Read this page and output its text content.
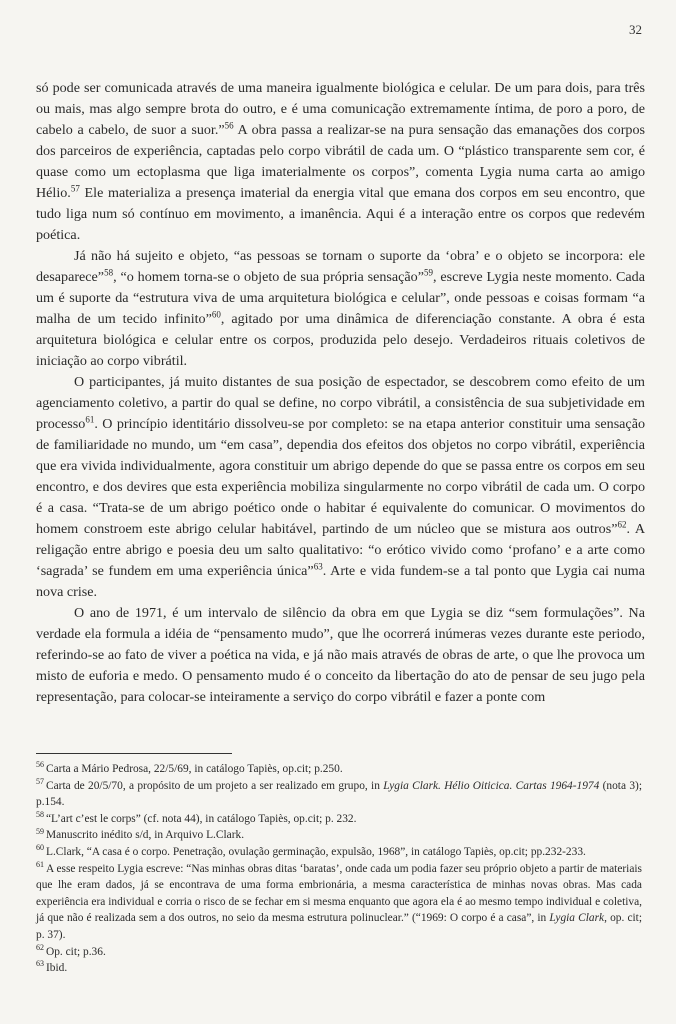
32

só pode ser comunicada através de uma maneira igualmente biológica e celular. De um para dois, para três ou mais, mas algo sempre brota do outro, e é uma comunicação extremamente íntima, de poro a poro, de cabelo a cabelo, de suor a suor.”$^{56}$ A obra passa a realizar-se na pura sensação das emanações dos corpos dos parceiros de experiência, captadas pelo corpo vibrátil de cada um. O “plástico transparente sem cor, é quase como um ectoplasma que liga imaterialmente os corpos”, comenta Lygia numa carta ao amigo Hélio.$^{57}$ Ele materializa a presença imaterial da energia vital que emana dos corpos em seu encontro, que tudo liga num só contínuo em movimento, a imanência. Aqui é a interação entre os corpos que redevém poética.

Já não há sujeito e objeto, “as pessoas se tornam o suporte da ‘obra’ e o objeto se incorpora: ele desaparece”$^{58}$, “o homem torna-se o objeto de sua própria sensação”$^{59}$, escreve Lygia neste momento. Cada um é suporte da “estrutura viva de uma arquitetura biológica e celular”, onde pessoas e coisas formam “a malha de um tecido infinito”$^{60}$, agitado por uma dinâmica de diferenciação constante. A obra é esta arquitetura biológica e celular entre os corpos, produzida pelo desejo. Verdadeiros rituais coletivos de iniciação ao corpo vibrátil.

O participantes, já muito distantes de sua posição de espectador, se descobrem como efeito de um agenciamento coletivo, a partir do qual se define, no corpo vibrátil, a consistência de sua subjetividade em processo$^{61}$. O princípio identitário dissolveu-se por completo: se na etapa anterior constituir uma sensação de familiaridade no mundo, um “em casa”, dependia dos efeitos dos objetos no corpo vibrátil, experiência que era vivida individualmente, agora constituir um abrigo depende do que se passa entre os corpos em seu encontro, e dos devires que esta experiência mobiliza singularmente no corpo vibrátil de cada um. O corpo é a casa. “Trata-se de um abrigo poético onde o habitar é equivalente do comunicar. O movimentos do homem constroem este abrigo celular habitável, partindo de um núcleo que se mistura aos outros”$^{62}$. A religação entre abrigo e poesia deu um salto qualitativo: “o erótico vivido como ‘profano’ e a arte como ‘sagrada’ se fundem em uma experiência única”$^{63}$. Arte e vida fundem-se a tal ponto que Lygia cai numa nova crise.

O ano de 1971, é um intervalo de silêncio da obra em que Lygia se diz “sem formulações”. Na verdade ela formula a idéia de “pensamento mudo”, que lhe ocorrerá inúmeras vezes durante este periodo, referindo-se ao fato de viver a poética na vida, e já não mais através de obras de arte, o que lhe provoca um misto de euforia e medo. O pensamento mudo é o conceito da libertação do ato de pensar de seu jugo pela representação, para colocar-se inteiramente a serviço do corpo vibrátil e fazer a ponte com

$^{56}$ Carta a Mário Pedrosa, 22/5/69, in catálogo Tapiès, op.cit; p.250.

$^{57}$ Carta de 20/5/70, a propósito de um projeto a ser realizado em grupo, in Lygia Clark. Hélio Oiticica. Cartas 1964-1974 (nota 3); p.154.

$^{58}$ “L’art c’est le corps” (cf. nota 44), in catálogo Tapiès, op.cit; p. 232.

$^{59}$ Manuscrito inédito s/d, in Arquivo L.Clark.

$^{60}$ L.Clark, “A casa é o corpo. Penetração, ovulação germinação, expulsão, 1968”, in catálogo Tapiès, op.cit; pp.232-233.

$^{61}$ A esse respeito Lygia escreve: “Nas minhas obras ditas ‘baratas’, onde cada um podia fazer seu próprio objeto a partir de materiais que lhe eram dados, já se encontrava de uma forma embrionária, a mesma característica de minhas novas obras. Mas cada experiência era individual e corria o risco de se fechar em si mesma enquanto que agora ela é ao mesmo tempo individual e coletiva, já que não é realizada sem a dos outros, no seio da mesma estrutura polinuclear.” (“1969: O corpo é a casa”, in Lygia Clark, op. cit; p. 37).

$^{62}$ Op. cit; p.36.

$^{63}$ Ibid.
